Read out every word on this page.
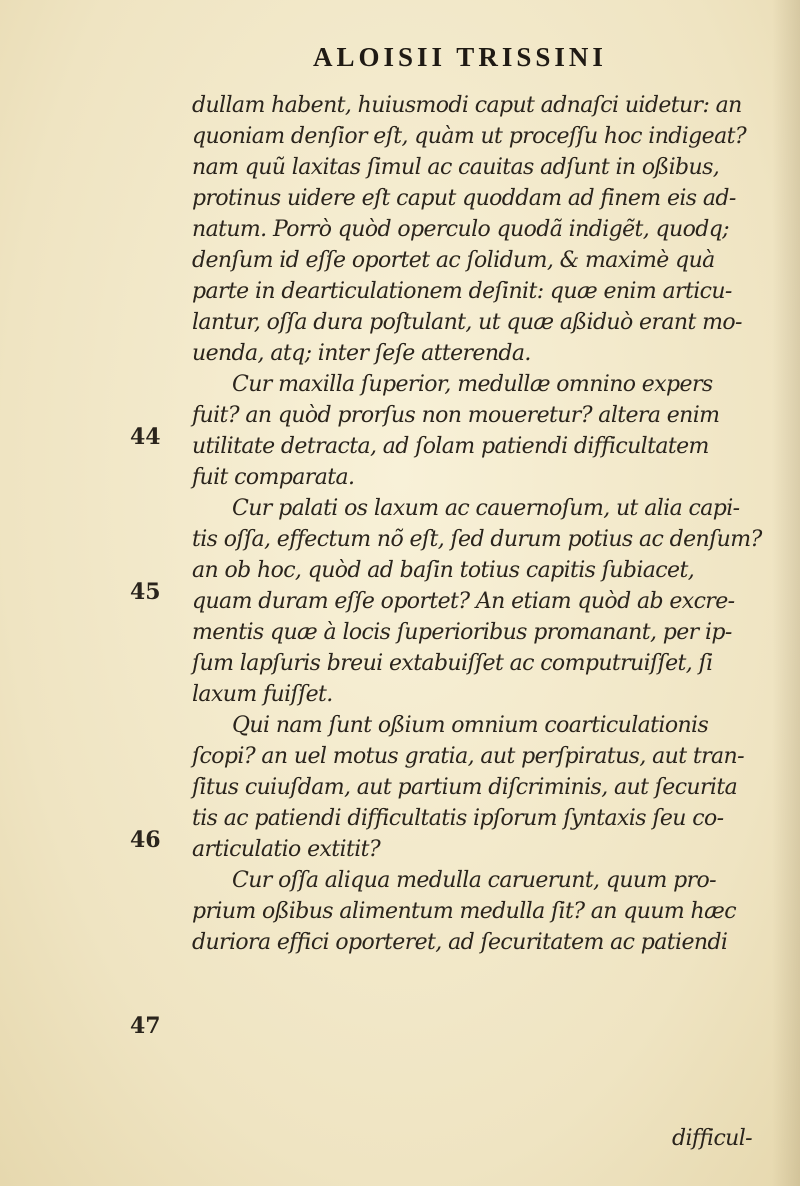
ALOISII TRISSINI
dullam habent, huiusmodi caput adnaſci uidetur: an
quoniam denſior eſt, quàm ut proceſſu hoc indigeat?
nam quũ laxitas ſimul ac cauitas adſunt in oßibus,
protinus uidere eſt caput quoddam ad finem eis ad-
natum. Porrò quòd operculo quodã indigẽt, quodq;
denſum id eſſe oportet ac ſolidum, & maximè quà
parte in dearticulationem deſinit: quæ enim articu-
lantur, oſſa dura poſtulant, ut quæ aßiduò erant mo-
uenda, atq; inter ſeſe atterenda.
Cur maxilla ſuperior, medullæ omnino expers
fuit? an quòd prorſus non moueretur? altera enim
utilitate detracta, ad ſolam patiendi difficultatem
fuit comparata.
Cur palati os laxum ac cauernoſum, ut alia capi-
tis oſſa, effectum nõ eſt, ſed durum potius ac denſum?
an ob hoc, quòd ad baſin totius capitis ſubiacet,
quam duram eſſe oportet? An etiam quòd ab excre-
mentis quæ à locis ſuperioribus promanant, per ip-
ſum lapſuris breui extabuiſſet ac computruiſſet, ſi
laxum fuiſſet.
Qui nam ſunt oßium omnium coarticulationis
ſcopi? an uel motus gratia, aut perſpiratus, aut tran-
ſitus cuiuſdam, aut partium diſcriminis, aut ſecurita
tis ac patiendi difficultatis ipſorum ſyntaxis ſeu co-
articulatio extitit?
Cur oſſa aliqua medulla caruerunt, quum pro-
prium oßibus alimentum medulla ſit? an quum hæc
duriora effici oporteret, ad ſecuritatem ac patiendi
44
45
46
47
difficul-
